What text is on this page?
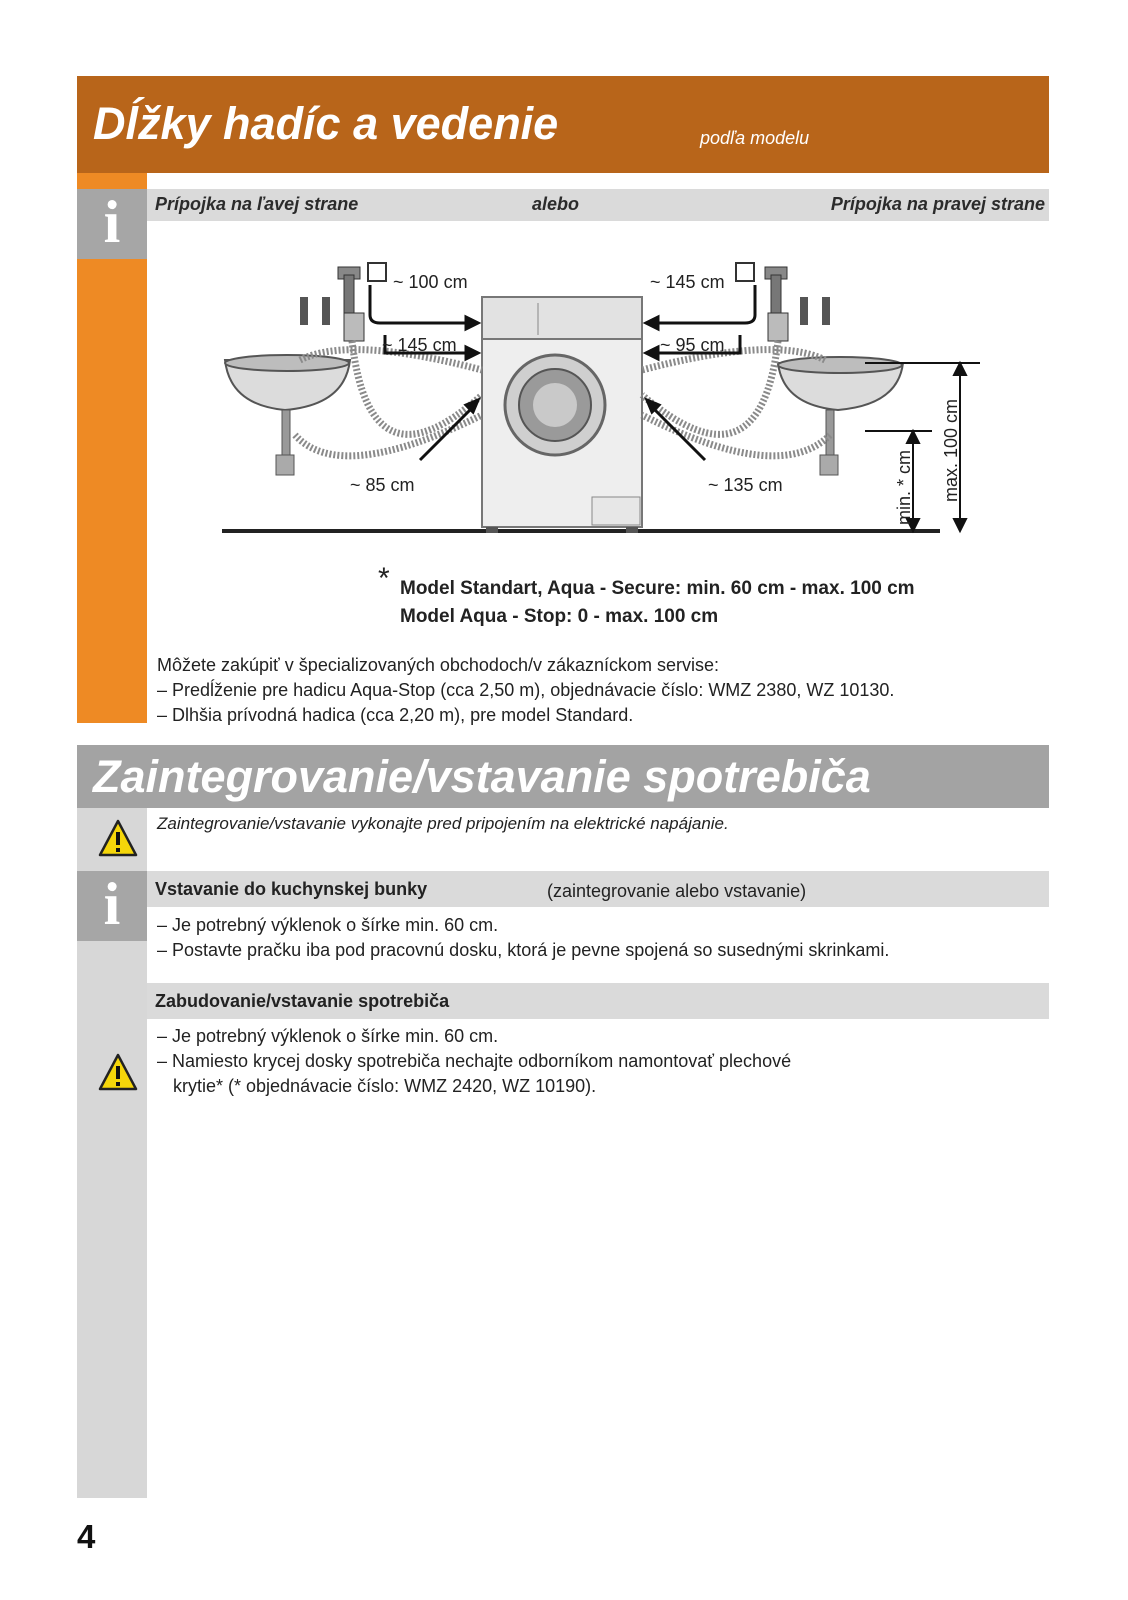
Dĺžky hadíc a vedenie	podľa modelu
i	Prípojka na ľavej strane	alebo	Prípojka na pravej strane
~ 100 cm	~ 145 cm
~ 145 cm	~ 95 cm
~ 85 cm	~ 135 cm	min. * cm max. 100 cm
* Model Standart, Aqua - Secure: min. 60 cm - max. 100 cm
Model Aqua - Stop: 0 - max. 100 cm
Môžete zakúpiť v špecializovaných obchodoch/v zákazníckom servise:
– Predĺženie pre hadicu Aqua-Stop (cca 2,50 m), objednávacie číslo: WMZ 2380, WZ 10130.
– Dlhšia prívodná hadica (cca 2,20 m), pre model Standard.
Zaintegrovanie/vstavanie spotrebiča
Zaintegrovanie/vstavanie vykonajte pred pripojením na elektrické napájanie.
i	Vstavanie do kuchynskej bunky	(zaintegrovanie alebo vstavanie)
– Je potrebný výklenok o šírke min. 60 cm.
– Postavte pračku iba pod pracovnú dosku, ktorá je pevne spojená so susednými skrinkami.
Zabudovanie/vstavanie spotrebiča
– Je potrebný výklenok o šírke min. 60 cm.
– Namiesto krycej dosky spotrebiča nechajte odborníkom namontovať plechové
krytie* (* objednávacie číslo: WMZ 2420, WZ 10190).
4
